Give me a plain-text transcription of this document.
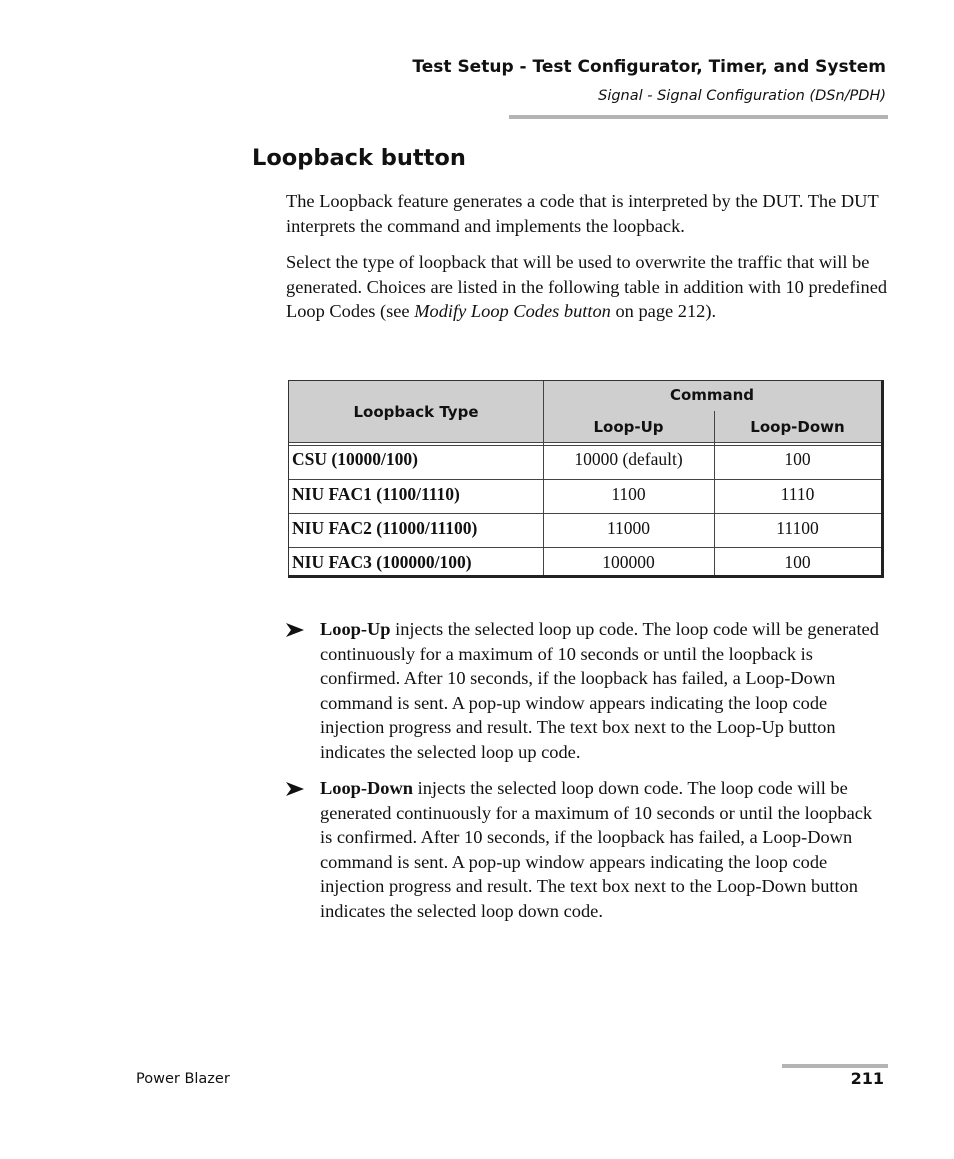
Test Setup - Test Configurator, Timer, and System
Signal - Signal Configuration (DSn/PDH)
Loopback button

The Loopback feature generates a code that is interpreted by the DUT. The DUT interprets the command and implements the loopback.

Select the type of loopback that will be used to overwrite the traffic that will be generated. Choices are listed in the following table in addition with 10 predefined Loop Codes (see Modify Loop Codes button on page 212).

Loopback Type
Command
Loop-Up	Loop-Down
CSU (10000/100)	10000 (default)	100
NIU FAC1 (1100/1110)	1100	1110
NIU FAC2 (11000/11100)	11000	11100
NIU FAC3 (100000/100)	100000	100

Loop-Up injects the selected loop up code. The loop code will be generated continuously for a maximum of 10 seconds or until the loopback is confirmed. After 10 seconds, if the loopback has failed, a Loop-Down command is sent. A pop-up window appears indicating the loop code injection progress and result. The text box next to the Loop-Up button indicates the selected loop up code.

Loop-Down injects the selected loop down code. The loop code will be generated continuously for a maximum of 10 seconds or until the loopback is confirmed. After 10 seconds, if the loopback has failed, a Loop-Down command is sent. A pop-up window appears indicating the loop code injection progress and result. The text box next to the Loop-Down button indicates the selected loop down code.

Power Blazer	211
